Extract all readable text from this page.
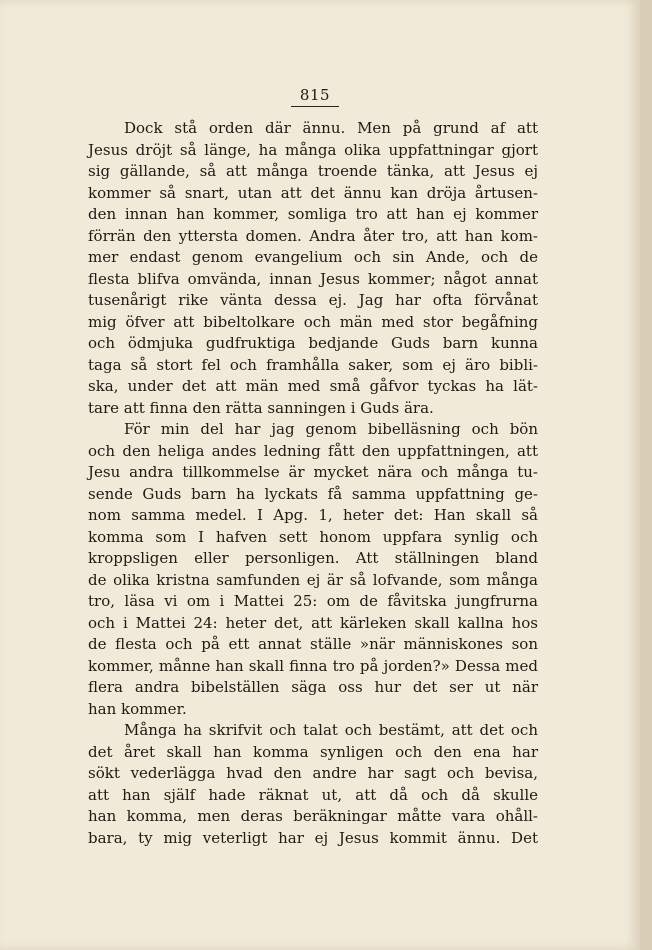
815
Dock stå orden där ännu. Men på grund af att
Jesus dröjt så länge, ha många olika uppfattningar gjort
sig gällande, så att många troende tänka, att Jesus ej
kommer så snart, utan att det ännu kan dröja årtusen-
den innan han kommer, somliga tro att han ej kommer
förrän den yttersta domen. Andra åter tro, att han kom-
mer endast genom evangelium och sin Ande, och de
flesta blifva omvända, innan Jesus kommer; något annat
tusenårigt rike vänta dessa ej. Jag har ofta förvånat
mig öfver att bibeltolkare och män med stor begåfning
och ödmjuka gudfruktiga bedjande Guds barn kunna
taga så stort fel och framhålla saker, som ej äro bibli-
ska, under det att män med små gåfvor tyckas ha lät-
tare att finna den rätta sanningen i Guds ära.
För min del har jag genom bibelläsning och bön
och den heliga andes ledning fått den uppfattningen, att
Jesu andra tillkommelse är mycket nära och många tu-
sende Guds barn ha lyckats få samma uppfattning ge-
nom samma medel. I Apg. 1, heter det: Han skall så
komma som I hafven sett honom uppfara synlig och
kroppsligen eller personligen. Att ställningen bland
de olika kristna samfunden ej är så lofvande, som många
tro, läsa vi om i Mattei 25: om de fåvitska jungfrurna
och i Mattei 24: heter det, att kärleken skall kallna hos
de flesta och på ett annat ställe »när människones son
kommer, månne han skall finna tro på jorden?» Dessa med
flera andra bibelställen säga oss hur det ser ut när
han kommer.
Många ha skrifvit och talat och bestämt, att det och
det året skall han komma synligen och den ena har
sökt vederlägga hvad den andre har sagt och bevisa,
att han själf hade räknat ut, att då och då skulle
han komma, men deras beräkningar måtte vara ohåll-
bara, ty mig veterligt har ej Jesus kommit ännu. Det
